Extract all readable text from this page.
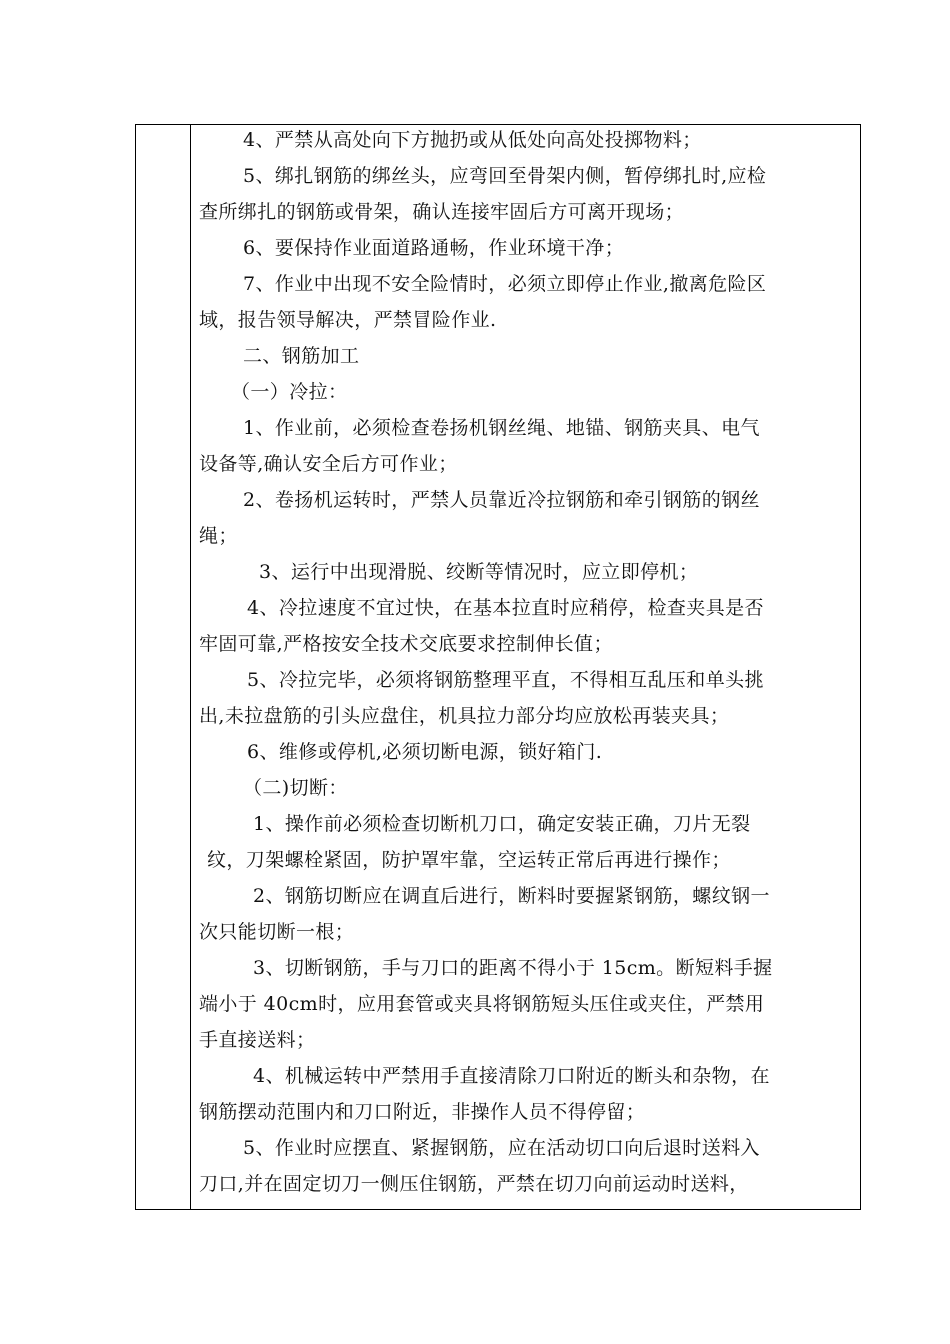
4、严禁从高处向下方抛扔或从低处向高处投掷物料；
5、绑扎钢筋的绑丝头，应弯回至骨架内侧，暂停绑扎时,应检
查所绑扎的钢筋或骨架，确认连接牢固后方可离开现场；
6、要保持作业面道路通畅，作业环境干净；
7、作业中出现不安全险情时，必须立即停止作业,撤离危险区
域，报告领导解决，严禁冒险作业.
二、钢筋加工
（一）冷拉：
1、作业前，必须检查卷扬机钢丝绳、地锚、钢筋夹具、电气
设备等,确认安全后方可作业；
2、卷扬机运转时，严禁人员靠近冷拉钢筋和牵引钢筋的钢丝
绳；
3、运行中出现滑脱、绞断等情况时，应立即停机；
4、冷拉速度不宜过快，在基本拉直时应稍停，检查夹具是否
牢固可靠,严格按安全技术交底要求控制伸长值；
5、冷拉完毕，必须将钢筋整理平直，不得相互乱压和单头挑
出,未拉盘筋的引头应盘住，机具拉力部分均应放松再装夹具；
6、维修或停机,必须切断电源，锁好箱门.
（二)切断：
1、操作前必须检查切断机刀口，确定安装正确，刀片无裂
纹，刀架螺栓紧固，防护罩牢靠，空运转正常后再进行操作；
2、钢筋切断应在调直后进行，断料时要握紧钢筋，螺纹钢一
次只能切断一根；
3、切断钢筋，手与刀口的距离不得小于 15cm。断短料手握
端小于 40cm时，应用套管或夹具将钢筋短头压住或夹住，严禁用
手直接送料；
4、机械运转中严禁用手直接清除刀口附近的断头和杂物，在
钢筋摆动范围内和刀口附近，非操作人员不得停留；
5、作业时应摆直、紧握钢筋，应在活动切口向后退时送料入
刀口,并在固定切刀一侧压住钢筋，严禁在切刀向前运动时送料，
